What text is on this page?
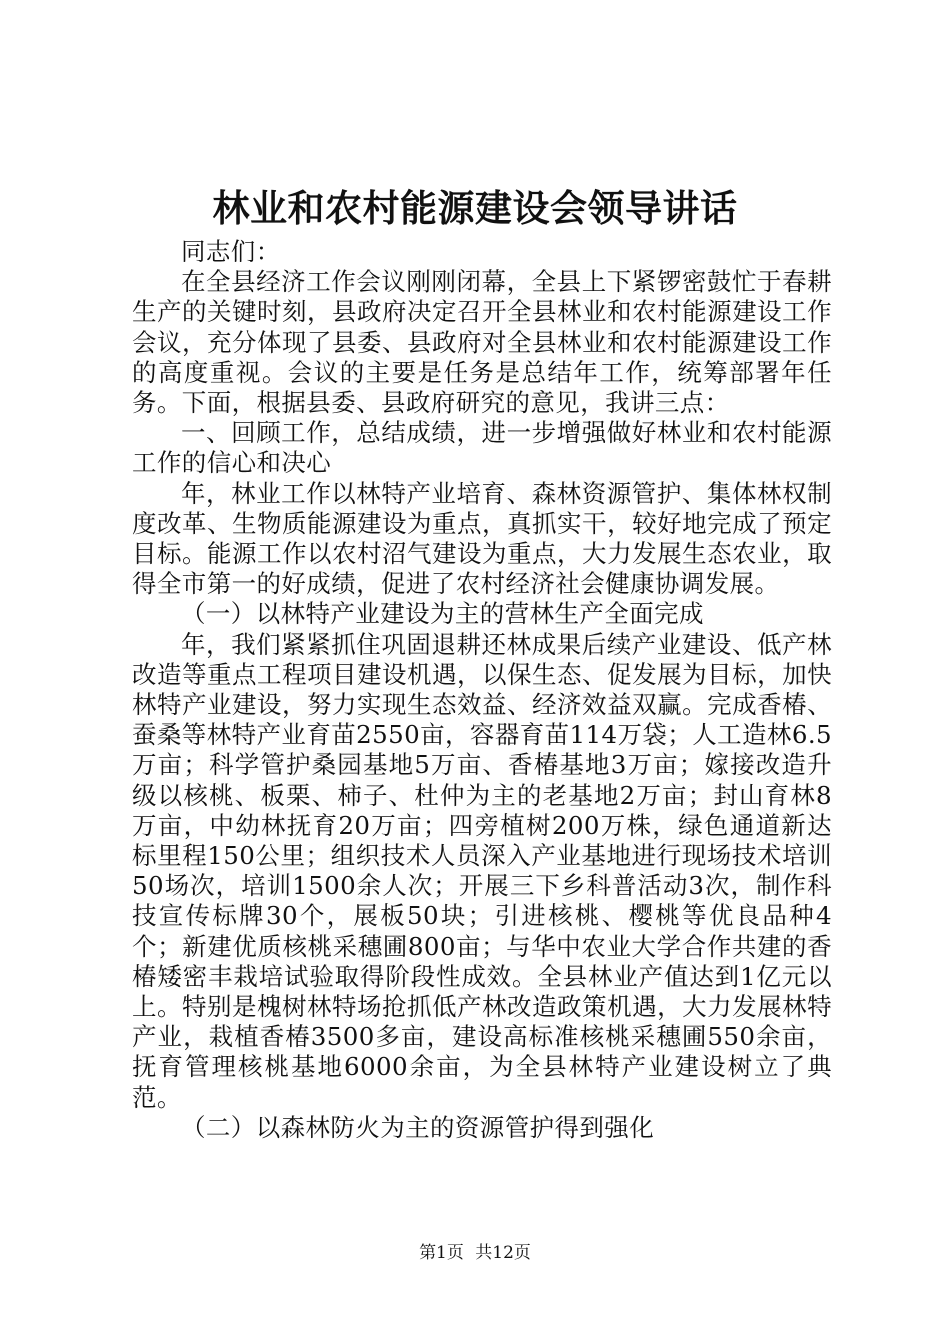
林业和农村能源建设会领导讲话

同志们：

在全县经济工作会议刚刚闭幕，全县上下紧锣密鼓忙于春耕生产的关键时刻，县政府决定召开全县林业和农村能源建设工作会议，充分体现了县委、县政府对全县林业和农村能源建设工作的高度重视。会议的主要是任务是总结年工作，统筹部署年任务。下面，根据县委、县政府研究的意见，我讲三点：

一、回顾工作，总结成绩，进一步增强做好林业和农村能源工作的信心和决心

年，林业工作以林特产业培育、森林资源管护、集体林权制度改革、生物质能源建设为重点，真抓实干，较好地完成了预定目标。能源工作以农村沼气建设为重点，大力发展生态农业，取得全市第一的好成绩，促进了农村经济社会健康协调发展。

（一）以林特产业建设为主的营林生产全面完成

年，我们紧紧抓住巩固退耕还林成果后续产业建设、低产林改造等重点工程项目建设机遇，以保生态、促发展为目标，加快林特产业建设，努力实现生态效益、经济效益双赢。完成香椿、蚕桑等林特产业育苗2550亩，容器育苗114万袋；人工造林6.5万亩；科学管护桑园基地5万亩、香椿基地3万亩；嫁接改造升级以核桃、板栗、柿子、杜仲为主的老基地2万亩；封山育林8万亩，中幼林抚育20万亩；四旁植树200万株，绿色通道新达标里程150公里；组织技术人员深入产业基地进行现场技术培训50场次，培训1500余人次；开展三下乡科普活动3次，制作科技宣传标牌30个，展板50块；引进核桃、樱桃等优良品种4个；新建优质核桃采穗圃800亩；与华中农业大学合作共建的香椿矮密丰栽培试验取得阶段性成效。全县林业产值达到1亿元以上。特别是槐树林特场抢抓低产林改造政策机遇，大力发展林特产业，栽植香椿3500多亩，建设高标准核桃采穗圃550余亩，抚育管理核桃基地6000余亩，为全县林特产业建设树立了典范。

（二）以森林防火为主的资源管护得到强化

第1页 共12页
